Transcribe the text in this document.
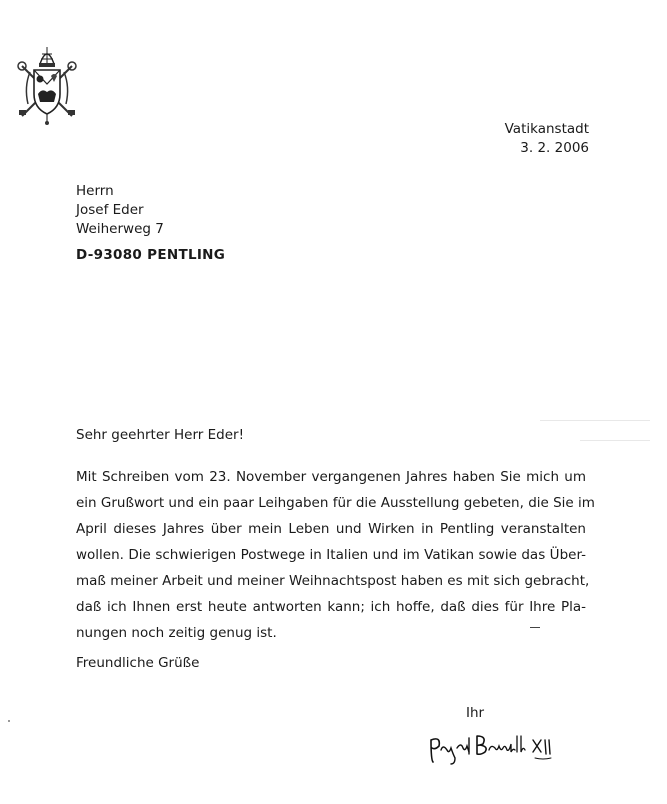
Vatikanstadt
3. 2. 2006
Herrn
Josef Eder
Weiherweg 7
D-93080 PENTLING
Sehr geehrter Herr Eder!
Mit Schreiben vom 23. November vergangenen Jahres haben Sie mich um
ein Grußwort und ein paar Leihgaben für die Ausstellung gebeten, die Sie im
April dieses Jahres über mein Leben und Wirken in Pentling veranstalten
wollen. Die schwierigen Postwege in Italien und im Vatikan sowie das Über-
maß meiner Arbeit und meiner Weihnachtspost haben es mit sich gebracht,
daß ich Ihnen erst heute antworten kann; ich hoffe, daß dies für Ihre Pla-
nungen noch zeitig genug ist.
Freundliche Grüße
Ihr
